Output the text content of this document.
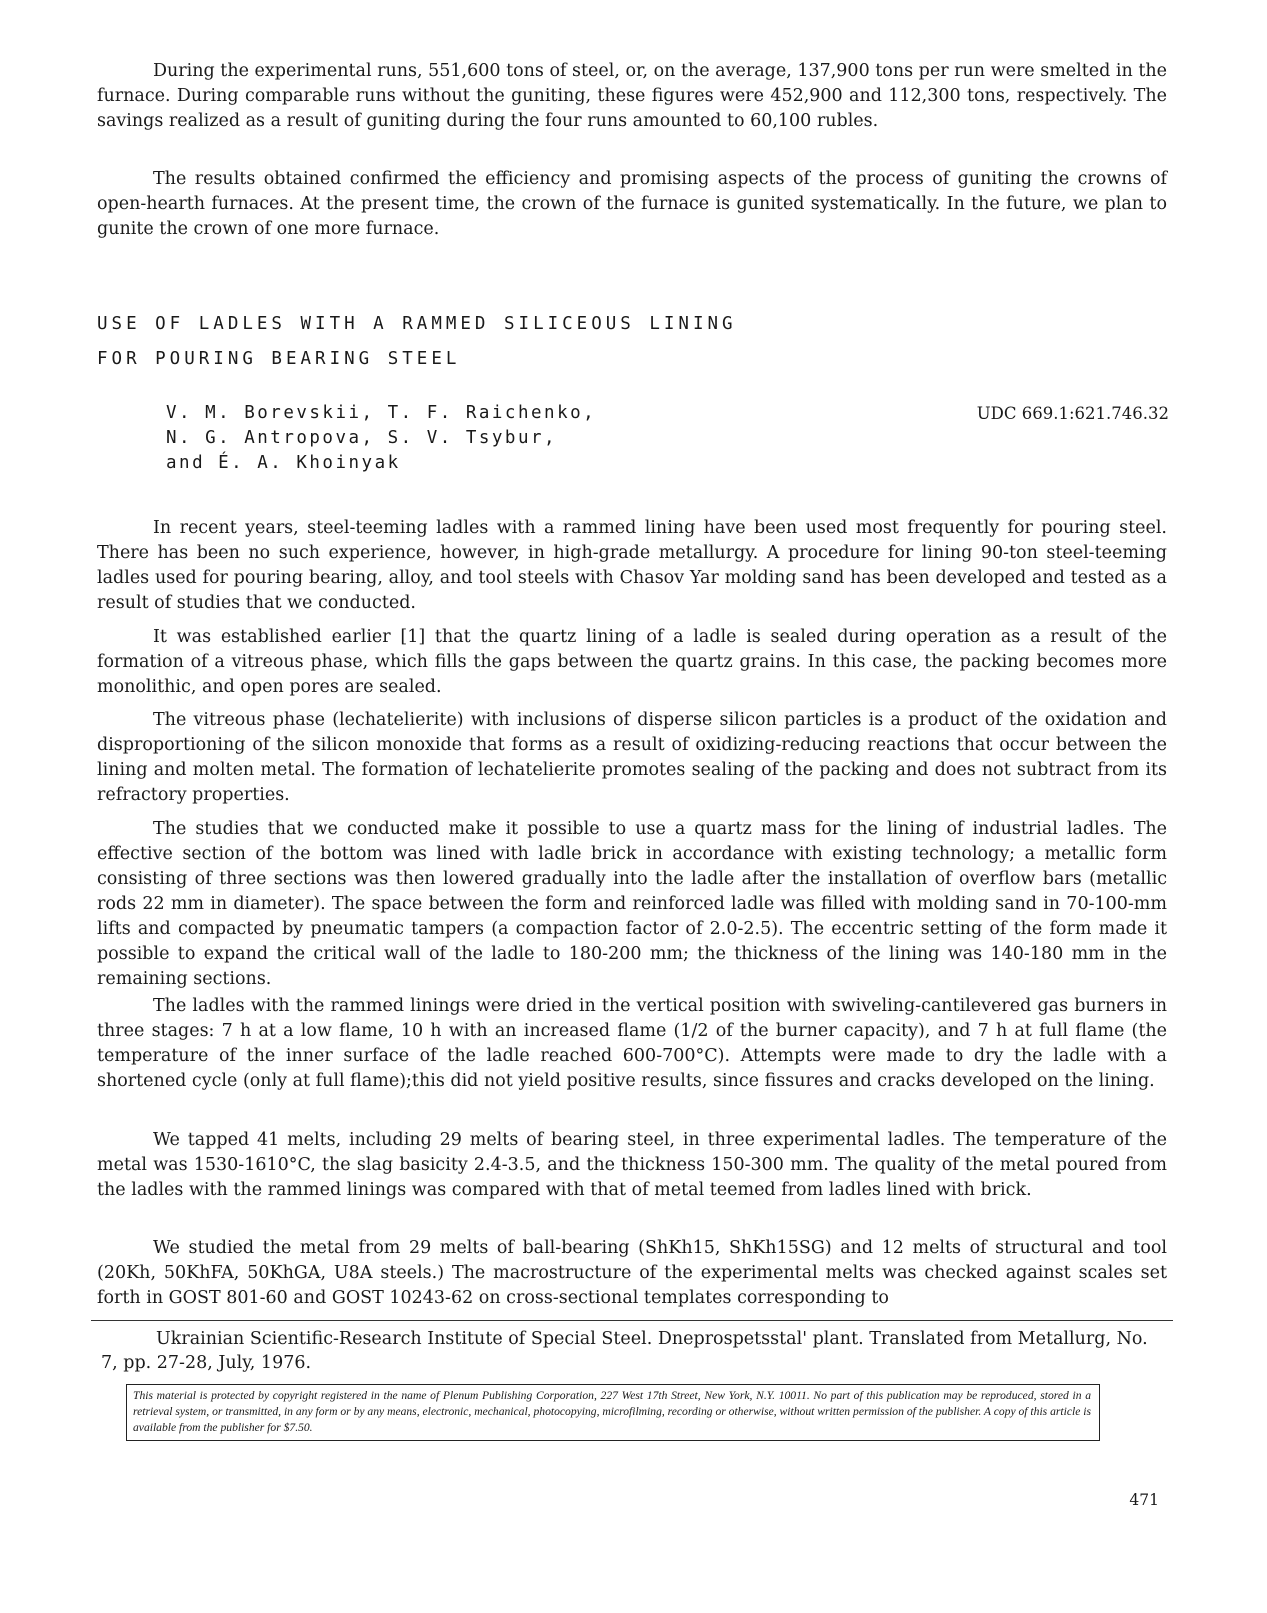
During the experimental runs, 551,600 tons of steel, or, on the average, 137,900 tons per run were smelted in the furnace. During comparable runs without the guniting, these figures were 452,900 and 112,300 tons, respectively. The savings realized as a result of guniting during the four runs amounted to 60,100 rubles.

The results obtained confirmed the efficiency and promising aspects of the process of guniting the crowns of open-hearth furnaces. At the present time, the crown of the furnace is gunited systematically. In the future, we plan to gunite the crown of one more furnace.

USE OF LADLES WITH A RAMMED SILICEOUS LINING
FOR POURING BEARING STEEL
V. M. Borevskii, T. F. Raichenko,
N. G. Antropova, S. V. Tsybur,
and É. A. Khoinyak
UDC 669.1:621.746.32

In recent years, steel-teeming ladles with a rammed lining have been used most frequently for pouring steel. There has been no such experience, however, in high-grade metallurgy. A procedure for lining 90-ton steel-teeming ladles used for pouring bearing, alloy, and tool steels with Chasov Yar molding sand has been developed and tested as a result of studies that we conducted.

It was established earlier [1] that the quartz lining of a ladle is sealed during operation as a result of the formation of a vitreous phase, which fills the gaps between the quartz grains. In this case, the packing becomes more monolithic, and open pores are sealed.

The vitreous phase (lechatelierite) with inclusions of disperse silicon particles is a product of the oxidation and disproportioning of the silicon monoxide that forms as a result of oxidizing-reducing reactions that occur between the lining and molten metal. The formation of lechatelierite promotes sealing of the packing and does not subtract from its refractory properties.

The studies that we conducted make it possible to use a quartz mass for the lining of industrial ladles. The effective section of the bottom was lined with ladle brick in accordance with existing technology; a metallic form consisting of three sections was then lowered gradually into the ladle after the installation of overflow bars (metallic rods 22 mm in diameter). The space between the form and reinforced ladle was filled with molding sand in 70-100-mm lifts and compacted by pneumatic tampers (a compaction factor of 2.0-2.5). The eccentric setting of the form made it possible to expand the critical wall of the ladle to 180-200 mm; the thickness of the lining was 140-180 mm in the remaining sections.

The ladles with the rammed linings were dried in the vertical position with swiveling-cantilevered gas burners in three stages: 7 h at a low flame, 10 h with an increased flame (1/2 of the burner capacity), and 7 h at full flame (the temperature of the inner surface of the ladle reached 600-700°C). Attempts were made to dry the ladle with a shortened cycle (only at full flame);this did not yield positive results, since fissures and cracks developed on the lining.

We tapped 41 melts, including 29 melts of bearing steel, in three experimental ladles. The temperature of the metal was 1530-1610°C, the slag basicity 2.4-3.5, and the thickness 150-300 mm. The quality of the metal poured from the ladles with the rammed linings was compared with that of metal teemed from ladles lined with brick.

We studied the metal from 29 melts of ball-bearing (ShKh15, ShKh15SG) and 12 melts of structural and tool (20Kh, 50KhFA, 50KhGA, U8A steels.) The macrostructure of the experimental melts was checked against scales set forth in GOST 801-60 and GOST 10243-62 on cross-sectional templates corresponding to

Ukrainian Scientific-Research Institute of Special Steel. Dneprospetsstal' plant. Translated from Metallurg, No. 7, pp. 27-28, July, 1976.

This material is protected by copyright registered in the name of Plenum Publishing Corporation, 227 West 17th Street, New York, N.Y. 10011. No part of this publication may be reproduced, stored in a retrieval system, or transmitted, in any form or by any means, electronic, mechanical, photocopying, microfilming, recording or otherwise, without written permission of the publisher. A copy of this article is available from the publisher for $7.50.
471
